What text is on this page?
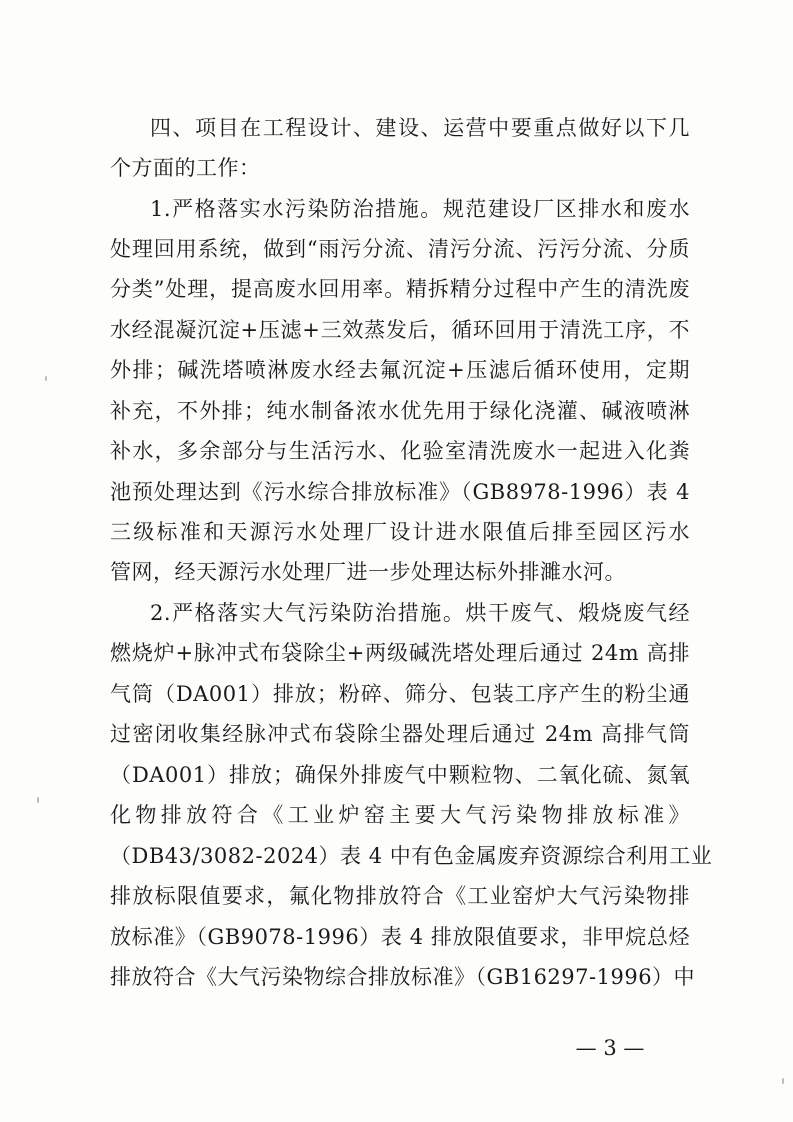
四、项目在工程设计、建设、运营中要重点做好以下几
个方面的工作：
1.严格落实水污染防治措施。规范建设厂区排水和废水
处理回用系统，做到“雨污分流、清污分流、污污分流、分质
分类”处理，提高废水回用率。精拆精分过程中产生的清洗废
水经混凝沉淀+压滤+三效蒸发后，循环回用于清洗工序，不
外排；碱洗塔喷淋废水经去氟沉淀+压滤后循环使用，定期
补充，不外排；纯水制备浓水优先用于绿化浇灌、碱液喷淋
补水，多余部分与生活污水、化验室清洗废水一起进入化粪
池预处理达到《污水综合排放标准》（GB8978-1996）表 4
三级标准和天源污水处理厂设计进水限值后排至园区污水
管网，经天源污水处理厂进一步处理达标外排濉水河。
2.严格落实大气污染防治措施。烘干废气、煅烧废气经
燃烧炉+脉冲式布袋除尘+两级碱洗塔处理后通过 24m 高排
气筒（DA001）排放；粉碎、筛分、包装工序产生的粉尘通
过密闭收集经脉冲式布袋除尘器处理后通过 24m 高排气筒
（DA001）排放；确保外排废气中颗粒物、二氧化硫、氮氧
化物排放符合《工业炉窑主要大气污染物排放标准》
（DB43/3082-2024）表 4 中有色金属废弃资源综合利用工业
排放标限值要求，氟化物排放符合《工业窑炉大气污染物排
放标准》（GB9078-1996）表 4 排放限值要求，非甲烷总烃
排放符合《大气污染物综合排放标准》（GB16297-1996）中
— 3 —
